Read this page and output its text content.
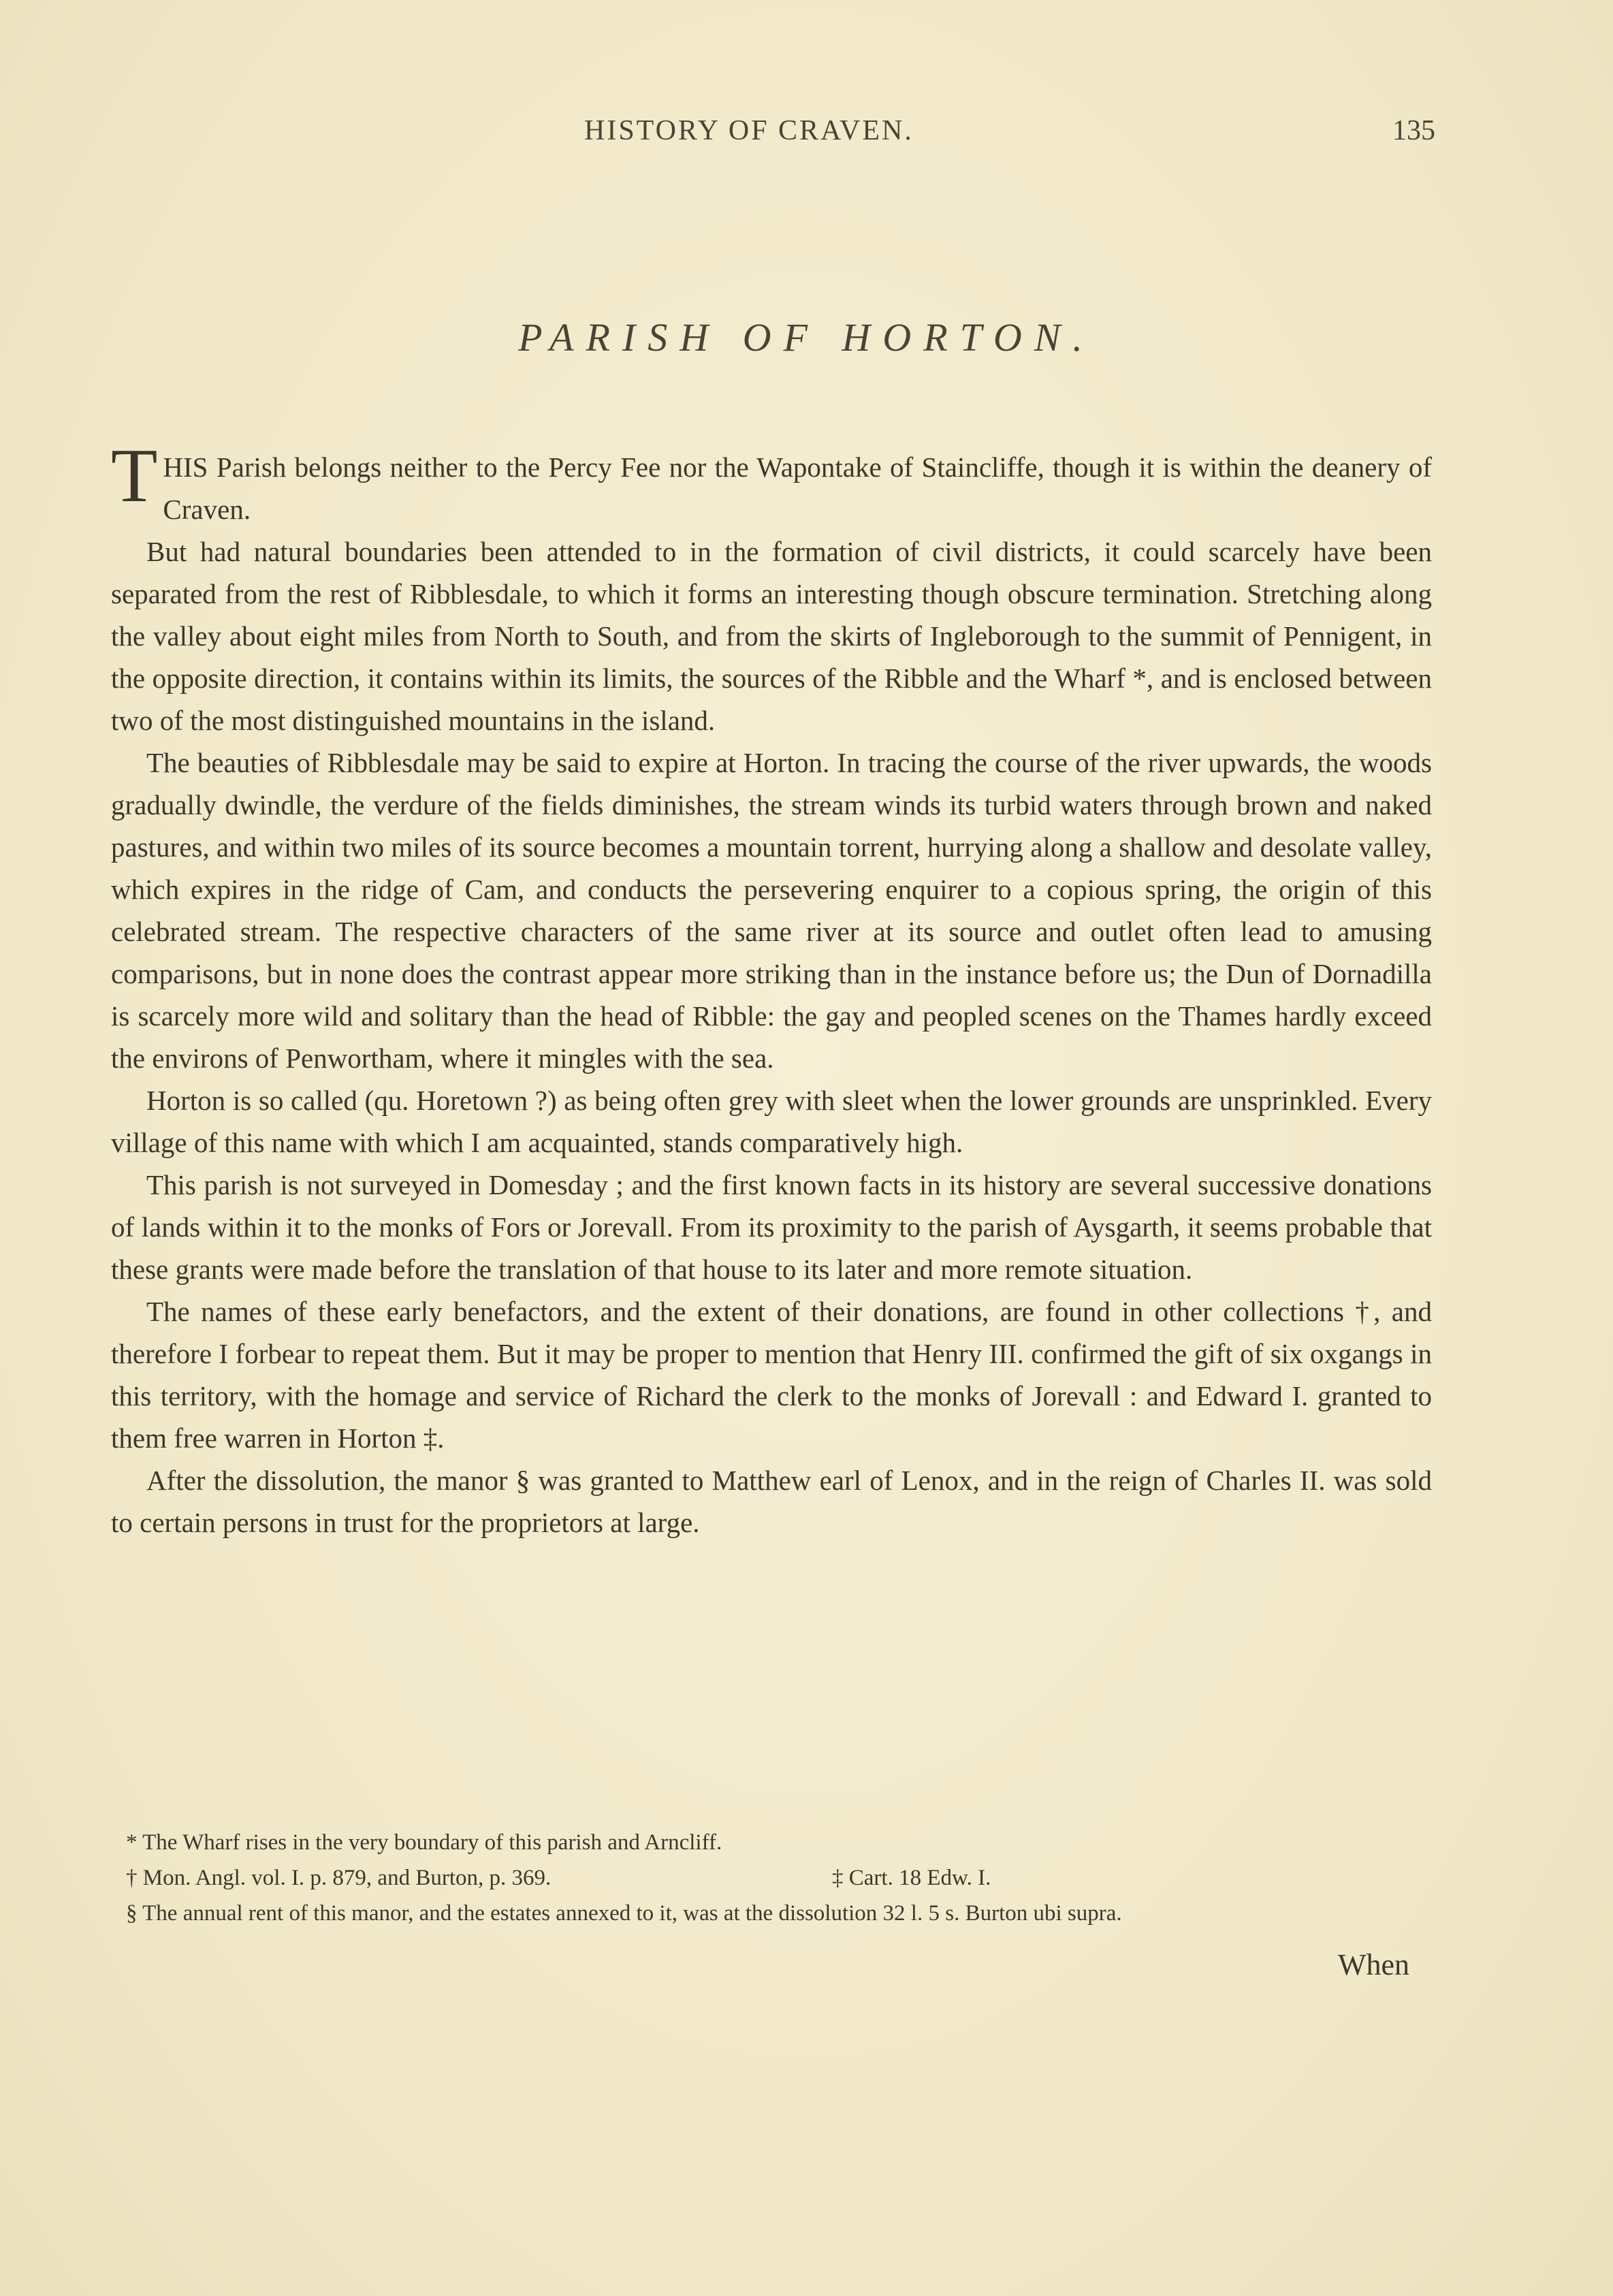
HISTORY OF CRAVEN.	135
PARISH OF HORTON.

THIS Parish belongs neither to the Percy Fee nor the Wapontake of Staincliffe, though it is within the deanery of Craven.

But had natural boundaries been attended to in the formation of civil districts, it could scarcely have been separated from the rest of Ribblesdale, to which it forms an interesting though obscure termination. Stretching along the valley about eight miles from North to South, and from the skirts of Ingleborough to the summit of Pennigent, in the opposite direction, it contains within its limits, the sources of the Ribble and the Wharf *, and is enclosed between two of the most distinguished mountains in the island.

The beauties of Ribblesdale may be said to expire at Horton. In tracing the course of the river upwards, the woods gradually dwindle, the verdure of the fields diminishes, the stream winds its turbid waters through brown and naked pastures, and within two miles of its source becomes a mountain torrent, hurrying along a shallow and desolate valley, which expires in the ridge of Cam, and conducts the persevering enquirer to a copious spring, the origin of this celebrated stream. The respective characters of the same river at its source and outlet often lead to amusing comparisons, but in none does the contrast appear more striking than in the instance before us; the Dun of Dornadilla is scarcely more wild and solitary than the head of Ribble: the gay and peopled scenes on the Thames hardly exceed the environs of Penwortham, where it mingles with the sea.

Horton is so called (qu. Horetown ?) as being often grey with sleet when the lower grounds are unsprinkled. Every village of this name with which I am acquainted, stands comparatively high.

This parish is not surveyed in Domesday ; and the first known facts in its history are several successive donations of lands within it to the monks of Fors or Jorevall. From its proximity to the parish of Aysgarth, it seems probable that these grants were made before the translation of that house to its later and more remote situation.

The names of these early benefactors, and the extent of their donations, are found in other collections †, and therefore I forbear to repeat them. But it may be proper to mention that Henry III. confirmed the gift of six oxgangs in this territory, with the homage and service of Richard the clerk to the monks of Jorevall : and Edward I. granted to them free warren in Horton ‡.

After the dissolution, the manor § was granted to Matthew earl of Lenox, and in the reign of Charles II. was sold to certain persons in trust for the proprietors at large.

* The Wharf rises in the very boundary of this parish and Arncliff.

† Mon. Angl. vol. I. p. 879, and Burton, p. 369.	‡ Cart. 18 Edw. I.

§ The annual rent of this manor, and the estates annexed to it, was at the dissolution 32 l. 5 s. Burton ubi supra.

When
